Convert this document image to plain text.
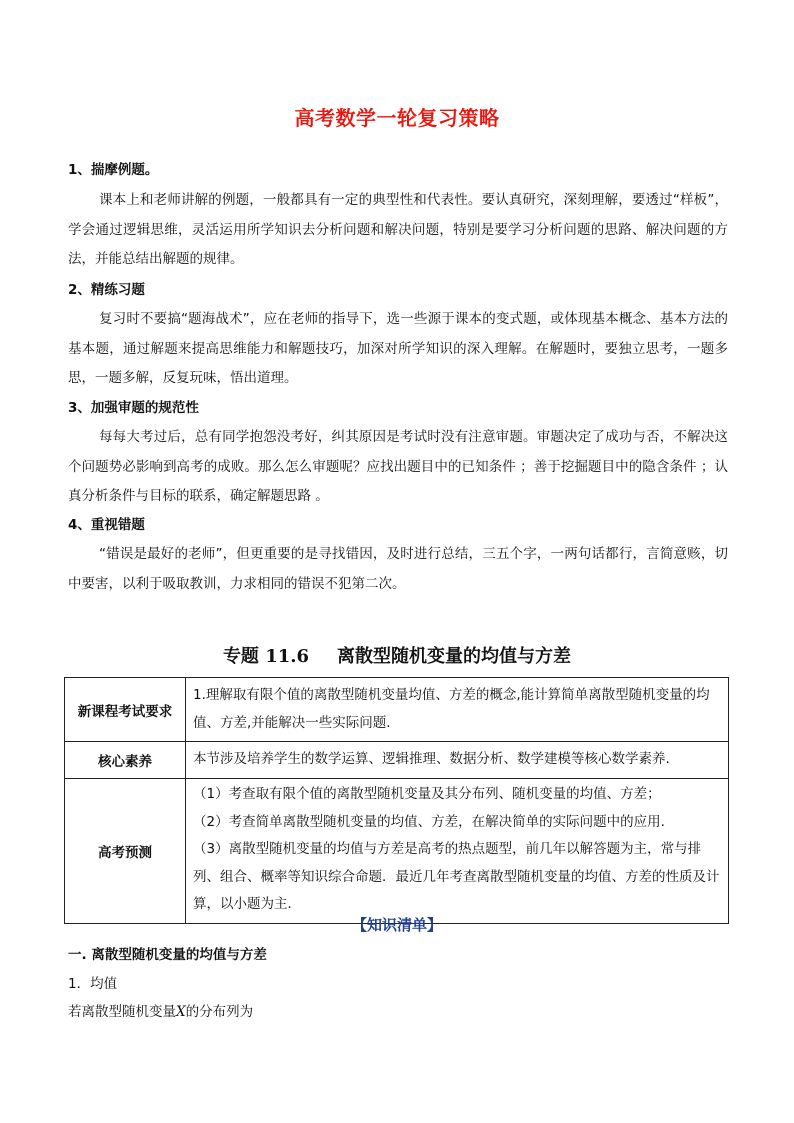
高考数学一轮复习策略
1、揣摩例题。

课本上和老师讲解的例题，一般都具有一定的典型性和代表性。要认真研究，深刻理解，要透过“样板”，学会通过逻辑思维，灵活运用所学知识去分析问题和解决问题，特别是要学习分析问题的思路、解决问题的方法，并能总结出解题的规律。

2、精练习题

复习时不要搞“题海战术”，应在老师的指导下，选一些源于课本的变式题，或体现基本概念、基本方法的基本题，通过解题来提高思维能力和解题技巧，加深对所学知识的深入理解。在解题时，要独立思考，一题多思，一题多解，反复玩味，悟出道理。

3、加强审题的规范性

每每大考过后，总有同学抱怨没考好，纠其原因是考试时没有注意审题。审题决定了成功与否，不解决这个问题势必影响到高考的成败。那么怎么审题呢？应找出题目中的已知条件 ；善于挖掘题目中的隐含条件 ；认真分析条件与目标的联系，确定解题思路 。

4、重视错题

“错误是最好的老师”，但更重要的是寻找错因，及时进行总结，三五个字，一两句话都行，言简意赅，切中要害，以利于吸取教训，力求相同的错误不犯第二次。

专题 11.6 离散型随机变量的均值与方差
新课程考试要求	1.理解取有限个值的离散型随机变量均值、方差的概念,能计算简单离散型随机变量的均值、方差,并能解决一些实际问题.
核心素养	本节涉及培养学生的数学运算、逻辑推理、数据分析、数学建模等核心数学素养.
高考预测	（1）考查取有限个值的离散型随机变量及其分布列、随机变量的均值、方差；
（2）考查简单离散型随机变量的均值、方差，在解决简单的实际问题中的应用.
（3）离散型随机变量的均值与方差是高考的热点题型，前几年以解答题为主，常与排列、组合、概率等知识综合命题．最近几年考查离散型随机变量的均值、方差的性质及计算，以小题为主．
【知识清单】
一. 离散型随机变量的均值与方差
1．均值
若离散型随机变量X的分布列为
